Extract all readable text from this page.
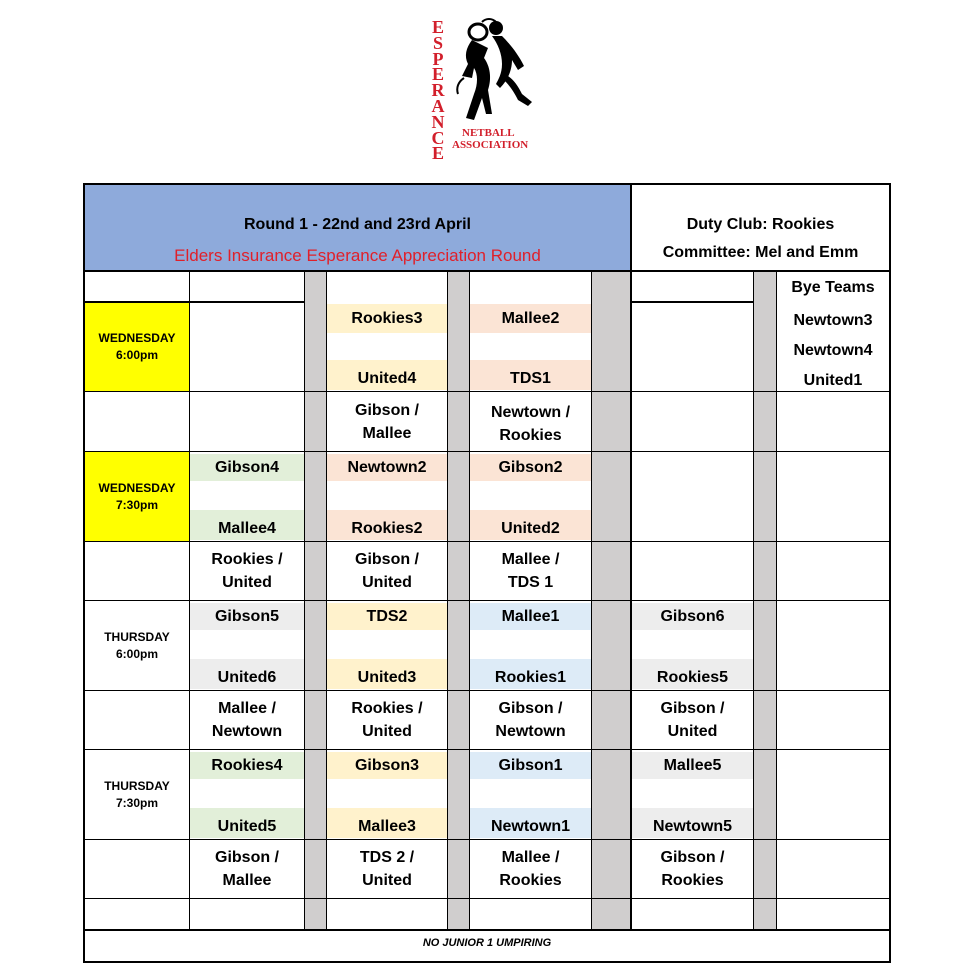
E
S
P
E
R
A
N
C
E
NETBALL
ASSOCIATION
Round 1 - 22nd and 23rd April
Elders Insurance Esperance Appreciation Round
Duty Club: Rookies
Committee: Mel and Emm
Bye Teams
Newtown3
Newtown4
United1
WEDNESDAY
6:00pm
WEDNESDAY
7:30pm
THURSDAY
6:00pm
THURSDAY
7:30pm
Rookies3
United4
Gibson /
Mallee
Mallee2
TDS1
Newtown /
Rookies
Gibson4
Mallee4
Rookies /
United
Newtown2
Rookies2
Gibson /
United
Gibson2
United2
Mallee /
TDS 1
Gibson5
United6
Mallee /
Newtown
TDS2
United3
Rookies /
United
Mallee1
Rookies1
Gibson /
Newtown
Gibson6
Rookies5
Gibson /
United
Rookies4
United5
Gibson /
Mallee
Gibson3
Mallee3
TDS 2 /
United
Gibson1
Newtown1
Mallee /
Rookies
Mallee5
Newtown5
Gibson /
Rookies
NO JUNIOR 1 UMPIRING
